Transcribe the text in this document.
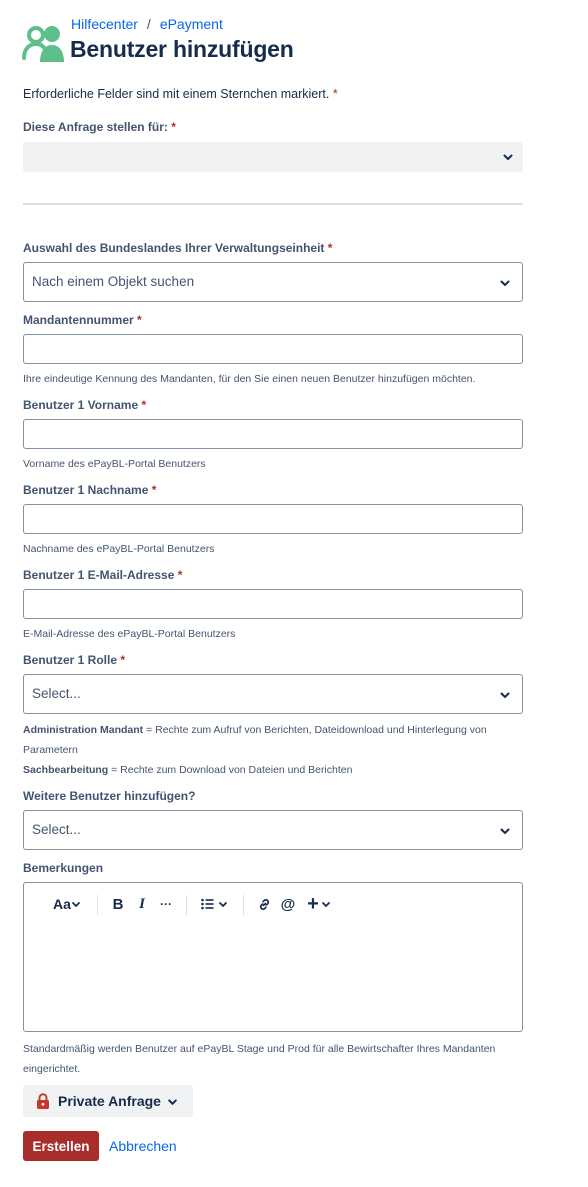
Hilfecenter / ePayment
Benutzer hinzufügen
Erforderliche Felder sind mit einem Sternchen markiert. *
Diese Anfrage stellen für: *
Auswahl des Bundeslandes Ihrer Verwaltungseinheit *
Nach einem Objekt suchen
Mandantennummer *
Ihre eindeutige Kennung des Mandanten, für den Sie einen neuen Benutzer hinzufügen möchten.
Benutzer 1 Vorname *
Vorname des ePayBL-Portal Benutzers
Benutzer 1 Nachname *
Nachname des ePayBL-Portal Benutzers
Benutzer 1 E-Mail-Adresse *
E-Mail-Adresse des ePayBL-Portal Benutzers
Benutzer 1 Rolle *
Select...
Administration Mandant = Rechte zum Aufruf von Berichten, Dateidownload und Hinterlegung von Parametern
Sachbearbeitung = Rechte zum Download von Dateien und Berichten
Weitere Benutzer hinzufügen?
Select...
Bemerkungen
Aa	B	I	···	@ +
Standardmäßig werden Benutzer auf ePayBL Stage und Prod für alle Bewirtschafter Ihres Mandanten eingerichtet.
Private Anfrage
Erstellen	Abbrechen
